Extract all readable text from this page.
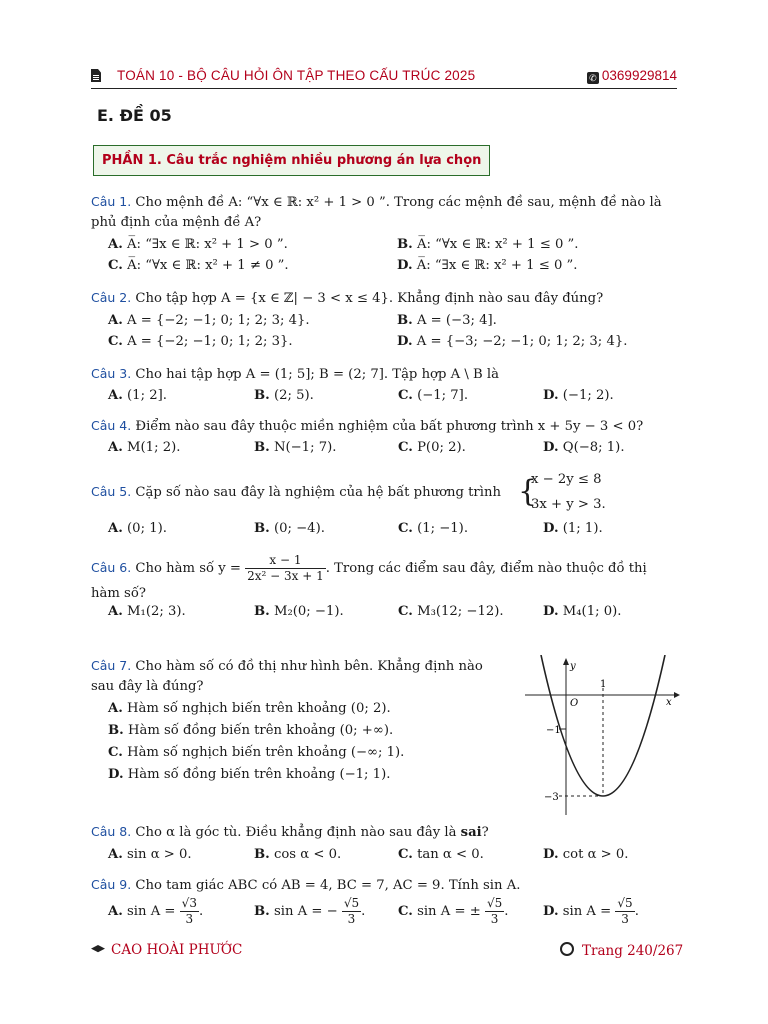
TOÁN 10 - BỘ CÂU HỎI ÔN TẬP THEO CẤU TRÚC 2025	✆ 0369929814
E. ĐỀ 05
PHẦN 1. Câu trắc nghiệm nhiều phương án lựa chọn
Câu 1. Cho mệnh đề A: “∀x ∈ ℝ: x² + 1 > 0 ”. Trong các mệnh đề sau, mệnh đề nào là
phủ định của mệnh đề A?
A. A̅: “∃x ∈ ℝ: x² + 1 > 0 ”.	B. A̅: “∀x ∈ ℝ: x² + 1 ≤ 0 ”.
C. A̅: “∀x ∈ ℝ: x² + 1 ≠ 0 ”.	D. A̅: “∃x ∈ ℝ: x² + 1 ≤ 0 ”.
Câu 2. Cho tập hợp A = {x ∈ ℤ| − 3 < x ≤ 4}. Khẳng định nào sau đây đúng?
A. A = {−2; −1; 0; 1; 2; 3; 4}.	B. A = (−3; 4].
C. A = {−2; −1; 0; 1; 2; 3}.	D. A = {−3; −2; −1; 0; 1; 2; 3; 4}.
Câu 3. Cho hai tập hợp A = (1; 5]; B = (2; 7]. Tập hợp A \ B là
A. (1; 2].	B. (2; 5).	C. (−1; 7].	D. (−1; 2).
Câu 4. Điểm nào sau đây thuộc miền nghiệm của bất phương trình x + 5y − 3 < 0?
A. M(1; 2).	B. N(−1; 7).	C. P(0; 2).	D. Q(−8; 1).
Câu 5. Cặp số nào sau đây là nghiệm của hệ bất phương trình {
x − 2y ≤ 8
3x + y > 3.
A. (0; 1).	B. (0; −4).	C. (1; −1).	D. (1; 1).
Câu 6. Cho hàm số $y = \frac{x - 1}{\text{2x² − 3x + 1}}$ . Trong các điểm sau đây, điểm nào thuộc đồ thị
hàm số?
A. M₁(2; 3).	B. M₂(0; −1).	C. M₃(12; −12).	D. M₄(1; 0).
Câu 7. Cho hàm số có đồ thị như hình bên. Khẳng định nào
sau đây là đúng?
A. Hàm số nghịch biến trên khoảng (0; 2).
B. Hàm số đồng biến trên khoảng (0; +∞).
C. Hàm số nghịch biến trên khoảng (−∞; 1).
D. Hàm số đồng biến trên khoảng (−1; 1).
y
x
O
1
−1
−3
Câu 8. Cho α là góc tù. Điều khẳng định nào sau đây là sai?
A. sin α > 0.	B. cos α < 0.	C. tan α < 0.	D. cot α > 0.
Câu 9. Cho tam giác ABC có AB = 4, BC = 7, AC = 9. Tính sin A.
A. $\sin A = \frac{√3}{3}$ .	B. sin A = − $\frac{√5}{3}$ . C. sin A = ± $\frac{√5}{3}$ .	D. $\sin A = \frac{√5}{3}$ .
CAO HOÀI PHƯỚC	Trang 240/267
